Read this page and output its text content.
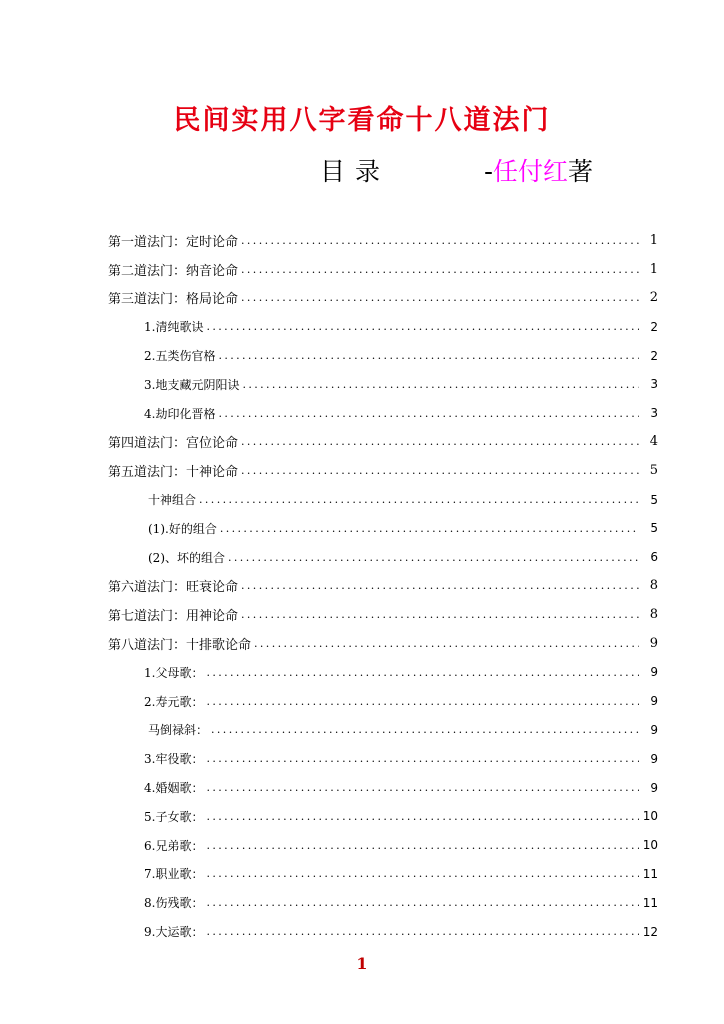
民间实用八字看命十八道法门
目录	-任付红著
第一道法门：定时论命 .....	1
第二道法门：纳音论命 .....	1
第三道法门：格局论命 .....	2
1.清纯歌诀 .....	2
2.五类伤官格 .....	2
3.地支藏元阴阳诀 .....	3
4.劫印化晋格 .....	3
第四道法门：宫位论命 .....	4
第五道法门：十神论命 .....	5
十神组合 .....	5
(1).好的组合 .....	5
(2)、坏的组合 .....	6
第六道法门：旺衰论命 .....	8
第七道法门：用神论命 .....	8
第八道法门：十排歌论命 .....	9
1.父母歌： .....	9
2.寿元歌： .....	9
马倒禄斜： .....	9
3.牢役歌： .....	9
4.婚姻歌： .....	9
5.子女歌： .....	10
6.兄弟歌： .....	10
7.职业歌： .....	11
8.伤残歌： .....	11
9.大运歌： .....	12
1
